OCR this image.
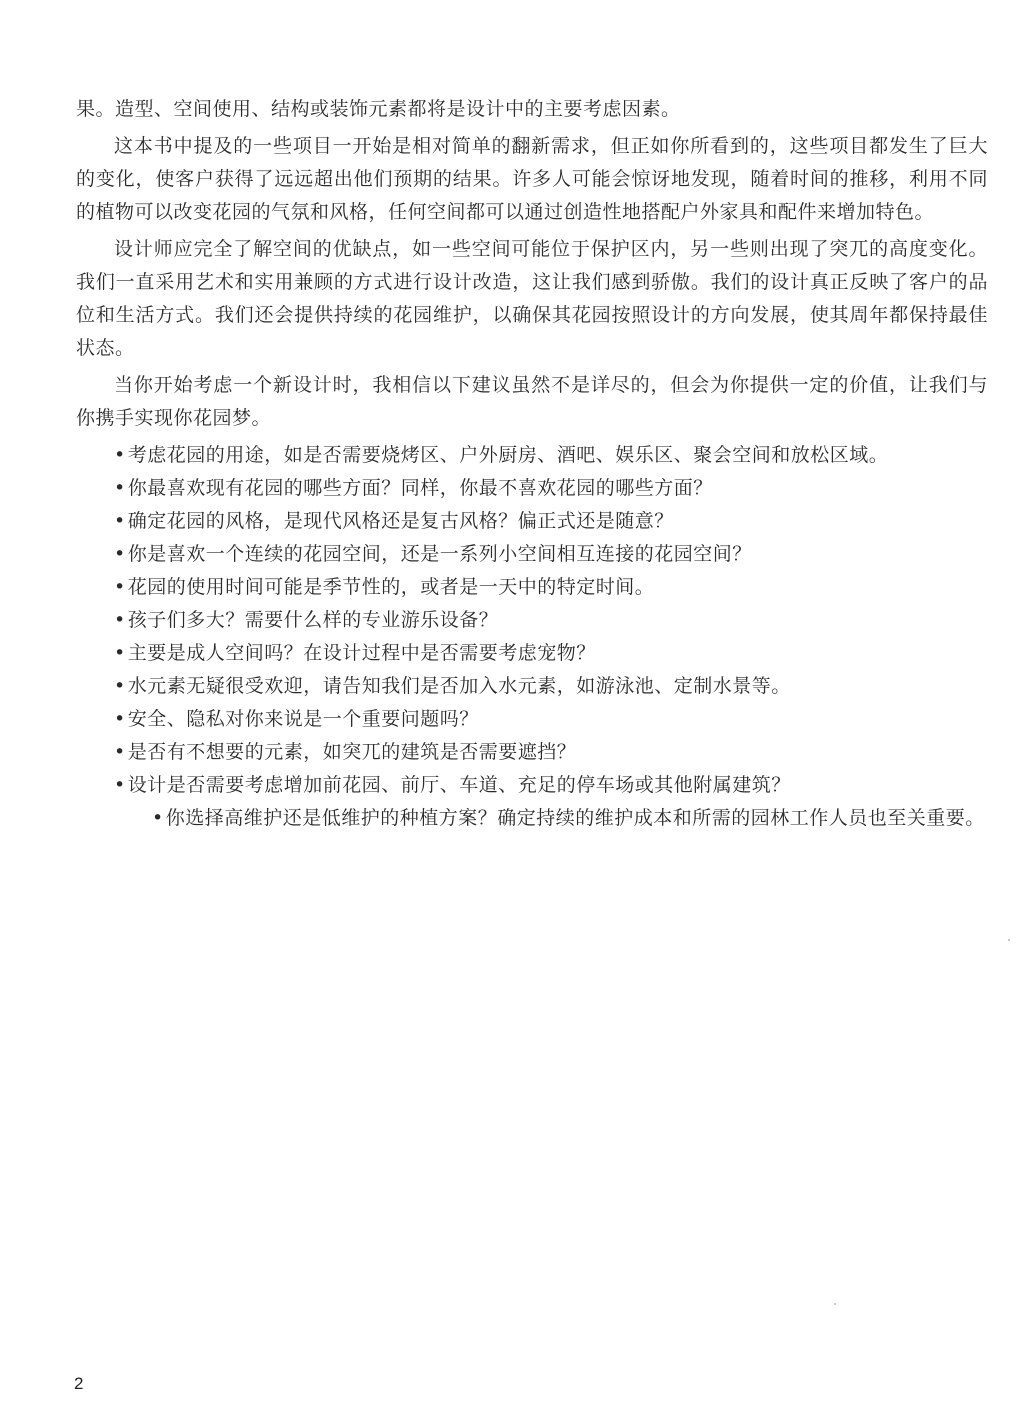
果。造型、空间使用、结构或装饰元素都将是设计中的主要考虑因素。

这本书中提及的一些项目一开始是相对简单的翻新需求，但正如你所看到的，这些项目都发生了巨大的变化，使客户获得了远远超出他们预期的结果。许多人可能会惊讶地发现，随着时间的推移，利用不同的植物可以改变花园的气氛和风格，任何空间都可以通过创造性地搭配户外家具和配件来增加特色。

设计师应完全了解空间的优缺点，如一些空间可能位于保护区内，另一些则出现了突兀的高度变化。我们一直采用艺术和实用兼顾的方式进行设计改造，这让我们感到骄傲。我们的设计真正反映了客户的品位和生活方式。我们还会提供持续的花园维护，以确保其花园按照设计的方向发展，使其周年都保持最佳状态。

当你开始考虑一个新设计时，我相信以下建议虽然不是详尽的，但会为你提供一定的价值，让我们与你携手实现你花园梦。

• 考虑花园的用途，如是否需要烧烤区、户外厨房、酒吧、娱乐区、聚会空间和放松区域。
• 你最喜欢现有花园的哪些方面？同样，你最不喜欢花园的哪些方面？
• 确定花园的风格，是现代风格还是复古风格？偏正式还是随意？
• 你是喜欢一个连续的花园空间，还是一系列小空间相互连接的花园空间？
• 花园的使用时间可能是季节性的，或者是一天中的特定时间。
• 孩子们多大？需要什么样的专业游乐设备？
• 主要是成人空间吗？在设计过程中是否需要考虑宠物？
• 水元素无疑很受欢迎，请告知我们是否加入水元素，如游泳池、定制水景等。
• 安全、隐私对你来说是一个重要问题吗？
• 是否有不想要的元素，如突兀的建筑是否需要遮挡？
• 设计是否需要考虑增加前花园、前厅、车道、充足的停车场或其他附属建筑？
• 你选择高维护还是低维护的种植方案？确定持续的维护成本和所需的园林工作人员也至关重要。
2
